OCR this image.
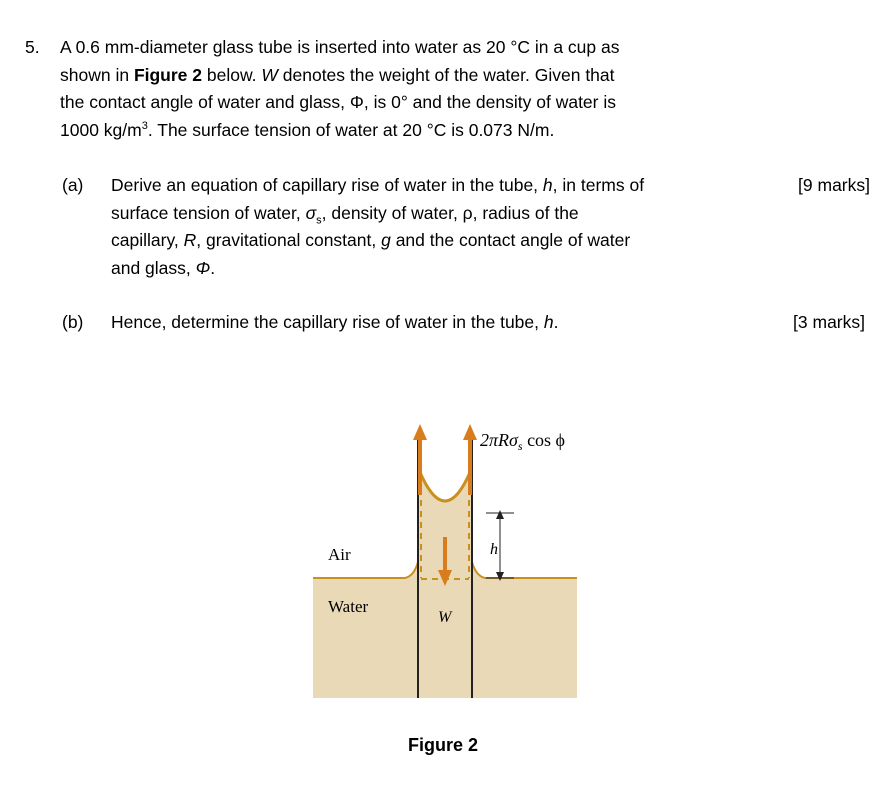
5. A 0.6 mm-diameter glass tube is inserted into water as 20 °C in a cup as
shown in Figure 2 below. W denotes the weight of the water. Given that
the contact angle of water and glass, Φ, is 0° and the density of water is
1000 $kg/m^3$. The surface tension of water at 20 °C is 0.073 N/m.
(a) Derive an equation of capillary rise of water in the tube, h, in terms of
surface tension of water, $\sigma_s$, density of water, ρ, radius of the
capillary, R, gravitational constant, g and the contact angle of water
and glass, Φ.
[9 marks]
(b) Hence, determine the capillary rise of water in the tube, h.	[3 marks]
2πRσ$_s$ cos ϕ
Air
Water
W
h
Figure 2
